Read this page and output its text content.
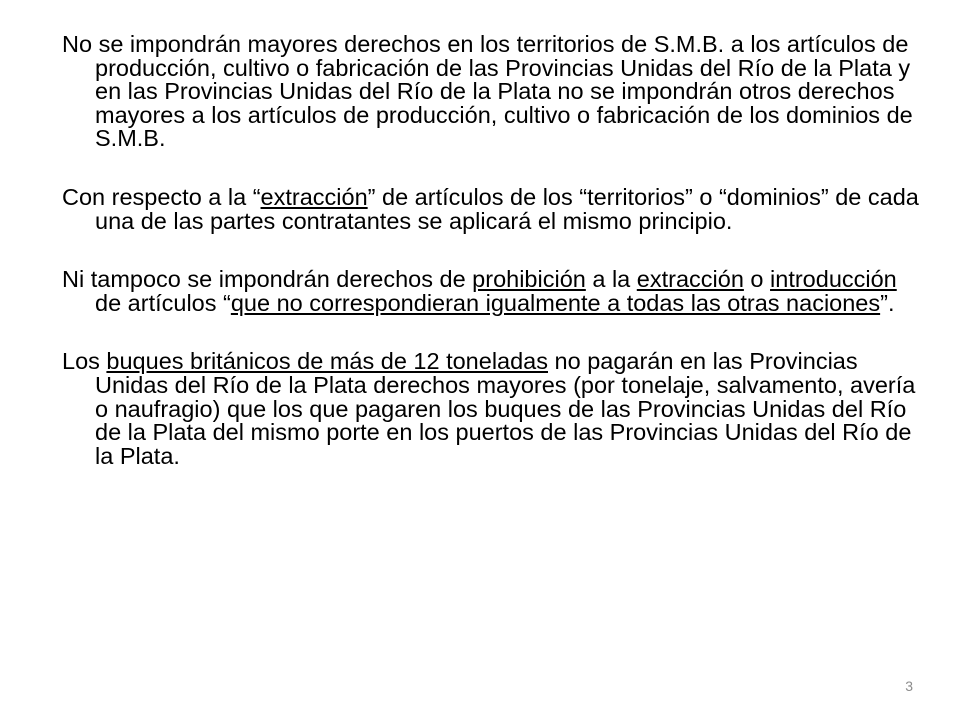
No se impondrán mayores derechos en los territorios de S.M.B. a los artículos de producción, cultivo o fabricación de las Provincias Unidas del Río de la Plata y en las Provincias Unidas del Río de la Plata no se impondrán otros derechos mayores a los artículos de producción, cultivo o fabricación de los dominios de S.M.B.

Con respecto a la “extracción” de artículos de los “territorios” o “dominios” de cada una de las partes contratantes se aplicará el mismo principio.

Ni tampoco se impondrán derechos de prohibición a la extracción o introducción de artículos “que no correspondieran igualmente a todas las otras naciones”.

Los buques británicos de más de 12 toneladas no pagarán en las Provincias Unidas del Río de la Plata derechos mayores (por tonelaje, salvamento, avería o naufragio) que los que pagaren los buques de las Provincias Unidas del Río de la Plata del mismo porte en los puertos de las Provincias Unidas del Río de la Plata.

3
